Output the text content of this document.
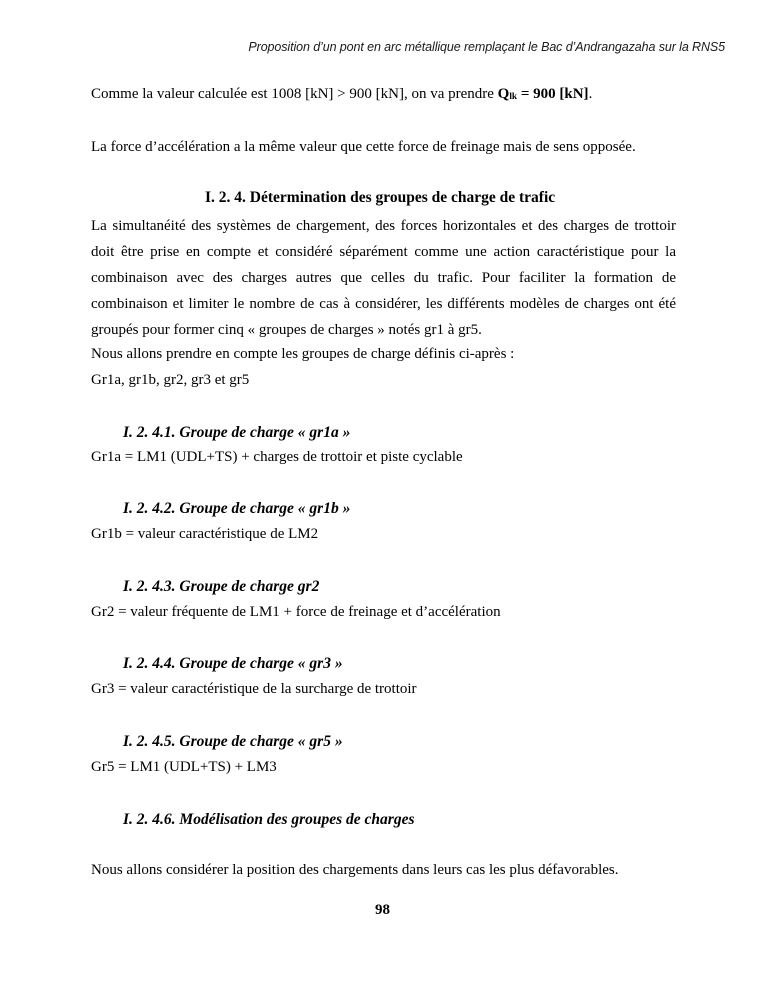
Proposition d’un pont en arc métallique remplaçant le Bac d’Andrangazaha sur la RNS5
Comme la valeur calculée est 1008 [kN] > 900 [kN], on va prendre Qlk = 900 [kN].
La force d’accélération a la même valeur que cette force de freinage mais de sens opposée.
I. 2. 4. Détermination des groupes de charge de trafic
La simultanéité des systèmes de chargement, des forces horizontales et des charges de trottoir doit être prise en compte et considéré séparément comme une action caractéristique pour la combinaison avec des charges autres que celles du trafic. Pour faciliter la formation de combinaison et limiter le nombre de cas à considérer, les différents modèles de charges ont été groupés pour former cinq « groupes de charges » notés gr1 à gr5.
Nous allons prendre en compte les groupes de charge définis ci-après :
Gr1a, gr1b, gr2, gr3 et gr5
I. 2. 4.1. Groupe de charge « gr1a »
Gr1a = LM1 (UDL+TS) + charges de trottoir et piste cyclable
I. 2. 4.2. Groupe de charge « gr1b »
Gr1b = valeur caractéristique de LM2
I. 2. 4.3. Groupe de charge gr2
Gr2 = valeur fréquente de LM1 + force de freinage et d’accélération
I. 2. 4.4. Groupe de charge « gr3 »
Gr3 = valeur caractéristique de la surcharge de trottoir
I. 2. 4.5. Groupe de charge « gr5 »
Gr5 = LM1 (UDL+TS) + LM3
I. 2. 4.6. Modélisation des groupes de charges
Nous allons considérer la position des chargements dans leurs cas les plus défavorables.
98
